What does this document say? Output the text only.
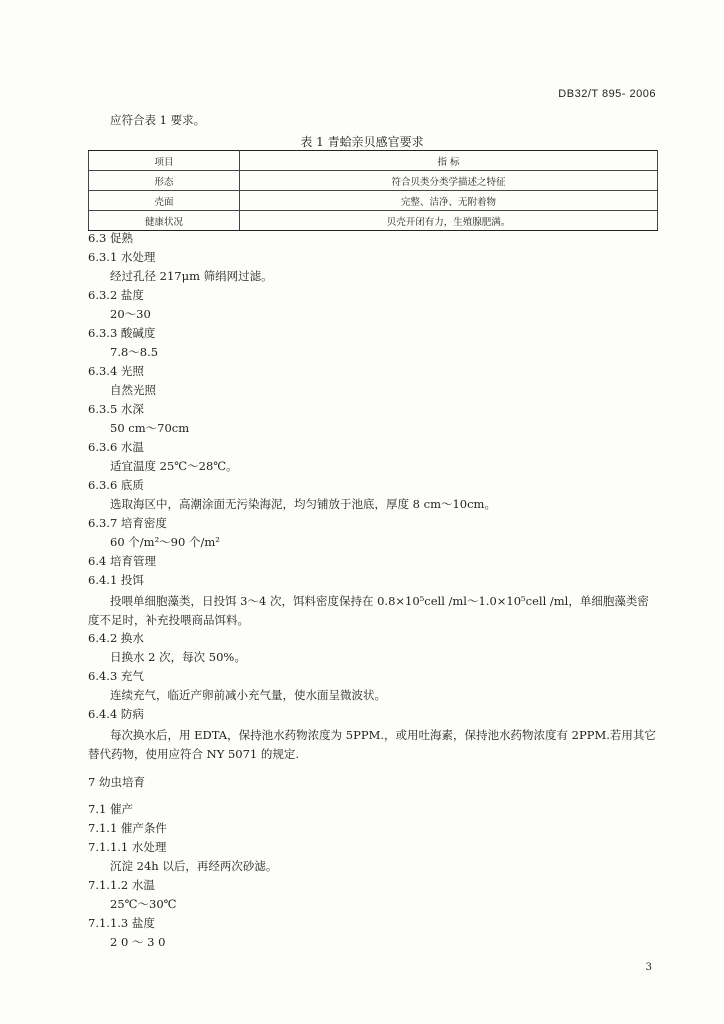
DB32/T 895- 2006
应符合表 1 要求。
表 1 青蛤亲贝感官要求
项目	指 标
形态	符合贝类分类学描述之特征
壳面	完整、洁净、无附着物
健康状况	贝壳开闭有力，生殖腺肥满。
6.3 促熟
6.3.1 水处理
经过孔径 217μm 筛绢网过滤。
6.3.2 盐度
20～30
6.3.3 酸碱度
7.8～8.5
6.3.4 光照
自然光照
6.3.5 水深
50 cm～70cm
6.3.6 水温
适宜温度 25℃～28℃。
6.3.6 底质
选取海区中，高潮涂面无污染海泥，均匀铺放于池底，厚度 8 cm～10cm。
6.3.7 培育密度
60 个/m²～90 个/m²
6.4 培育管理
6.4.1 投饵
投喂单细胞藻类，日投饵 3～4 次，饵料密度保持在 0.8×10⁵cell /ml～1.0×10⁵cell /ml，单细胞藻类密度不足时，补充投喂商品饵料。
6.4.2 换水
日换水 2 次，每次 50%。
6.4.3 充气
连续充气，临近产卵前减小充气量，使水面呈微波状。
6.4.4 防病
每次换水后，用 EDTA，保持池水药物浓度为 5PPM.，或用吐海素，保持池水药物浓度有 2PPM.若用其它替代药物，使用应符合 NY 5071 的规定.
7 幼虫培育
7.1 催产
7.1.1 催产条件
7.1.1.1 水处理
沉淀 24h 以后，再经两次砂滤。
7.1.1.2 水温
25℃～30℃
7.1.1.3 盐度
2 0 ～ 3 0
3
